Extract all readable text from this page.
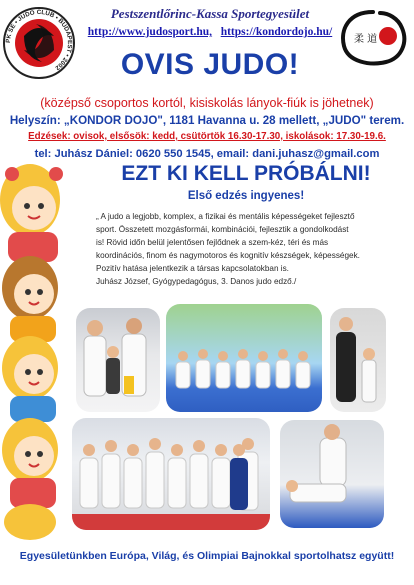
PK SE • JUDO CLUB • BUDAPEST • 2002
柔 道
Pestszentlőrinc-Kassa Sportegyesület
http://www.judosport.hu, https://kondordojo.hu/
OVIS JUDO!
(középső csoportos kortól, kisiskolás lányok-fiúk is jöhetnek)
Helyszín: „KONDOR DOJO", 1181 Havanna u. 28 mellett, „JUDO" terem.
Edzések: ovisok, elsősök: kedd, csütörtök 16.30-17.30, iskolások: 17.30-19.6.
tel: Juhász Dániel: 0620 550 1545, email: dani.juhasz@gmail.com
EZT KI KELL PRÓBÁLNI!
Első edzés ingyenes!

„ A judo a legjobb, komplex, a fizikai és mentális képességeket fejlesztő

sport. Összetett mozgásformái, kombinációi, fejlesztik a gondolkodást

is! Rövid időn belül jelentősen fejlődnek a szem-kéz, téri és más

koordinációs, finom és nagymotoros és kognitív készségek, képességek.

Pozitív hatása jelentkezik a társas kapcsolatokban is.

Juhász József, Gyógypedagógus, 3. Danos judo edző./

Egyesületünkben Európa, Világ, és Olimpiai Bajnokkal sportolhatsz együtt!
